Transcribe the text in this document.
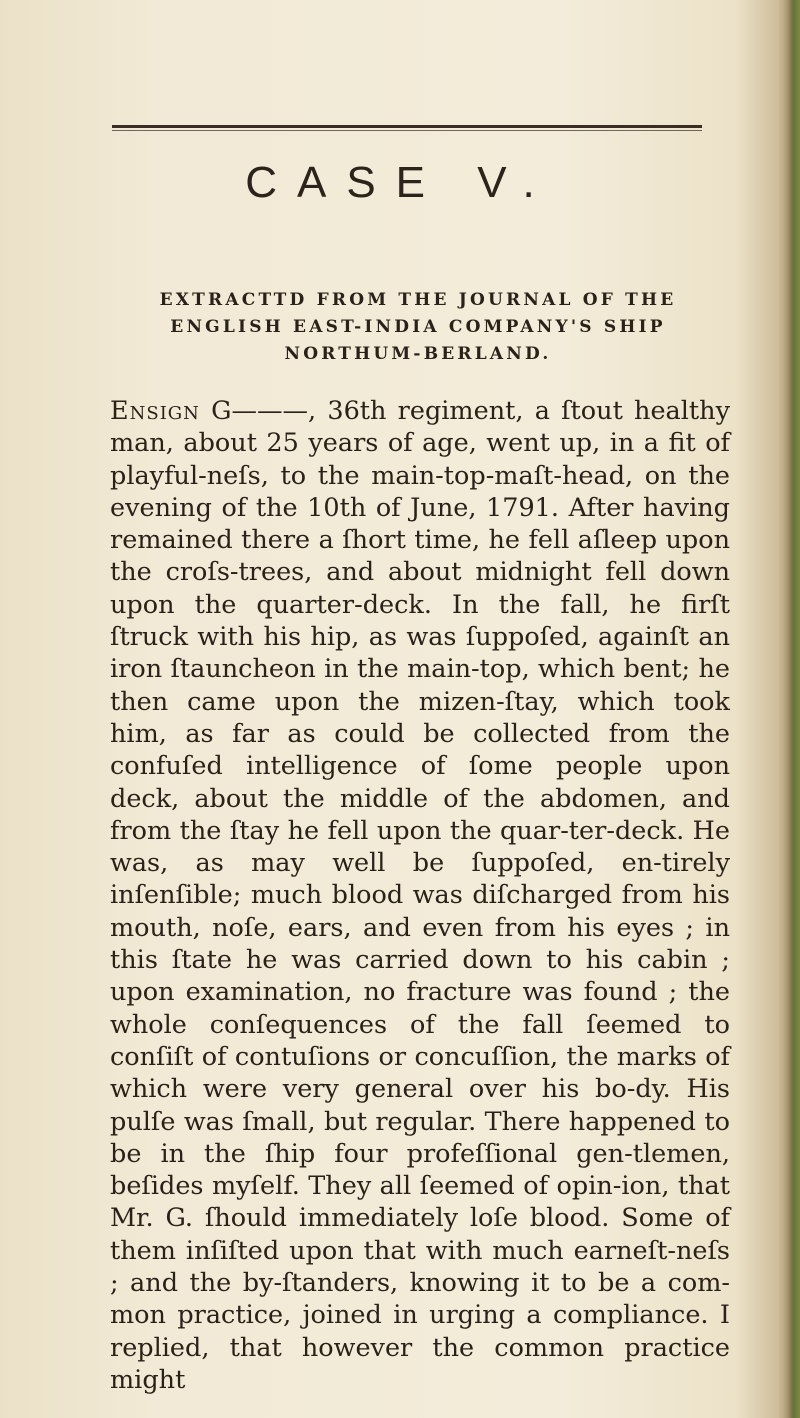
CASE V.

EXTRACTTD FROM THE JOURNAL OF THE ENGLISH EAST-INDIA COMPANY'S SHIP NORTHUM-BERLAND.

Ensign G———, 36th regiment, a ſtout healthy man, about 25 years of age, went up, in a fit of playful-neſs, to the main-top-maſt-head, on the evening of the 10th of June, 1791. After having remained there a ſhort time, he fell aſleep upon the croſs-trees, and about midnight fell down upon the quarter-deck. In the fall, he firſt ſtruck with his hip, as was ſuppoſed, againſt an iron ſtauncheon in the main-top, which bent; he then came upon the mizen-ſtay, which took him, as far as could be collected from the confuſed intelligence of ſome people upon deck, about the middle of the abdomen, and from the ſtay he fell upon the quar-ter-deck. He was, as may well be ſuppoſed, en-tirely inſenſible; much blood was diſcharged from his mouth, noſe, ears, and even from his eyes ; in this ſtate he was carried down to his cabin ; upon examination, no fracture was found ; the whole conſequences of the fall ſeemed to conſiſt of contuſions or concuſſion, the marks of which were very general over his bo-dy. His pulſe was ſmall, but regular. There happened to be in the ſhip four profeſſional gen-tlemen, beſides myſelf. They all ſeemed of opin-ion, that Mr. G. ſhould immediately loſe blood. Some of them inſiſted upon that with much earneſt-neſs ; and the by-ſtanders, knowing it to be a com-mon practice, joined in urging a compliance. I replied, that however the common practice might
